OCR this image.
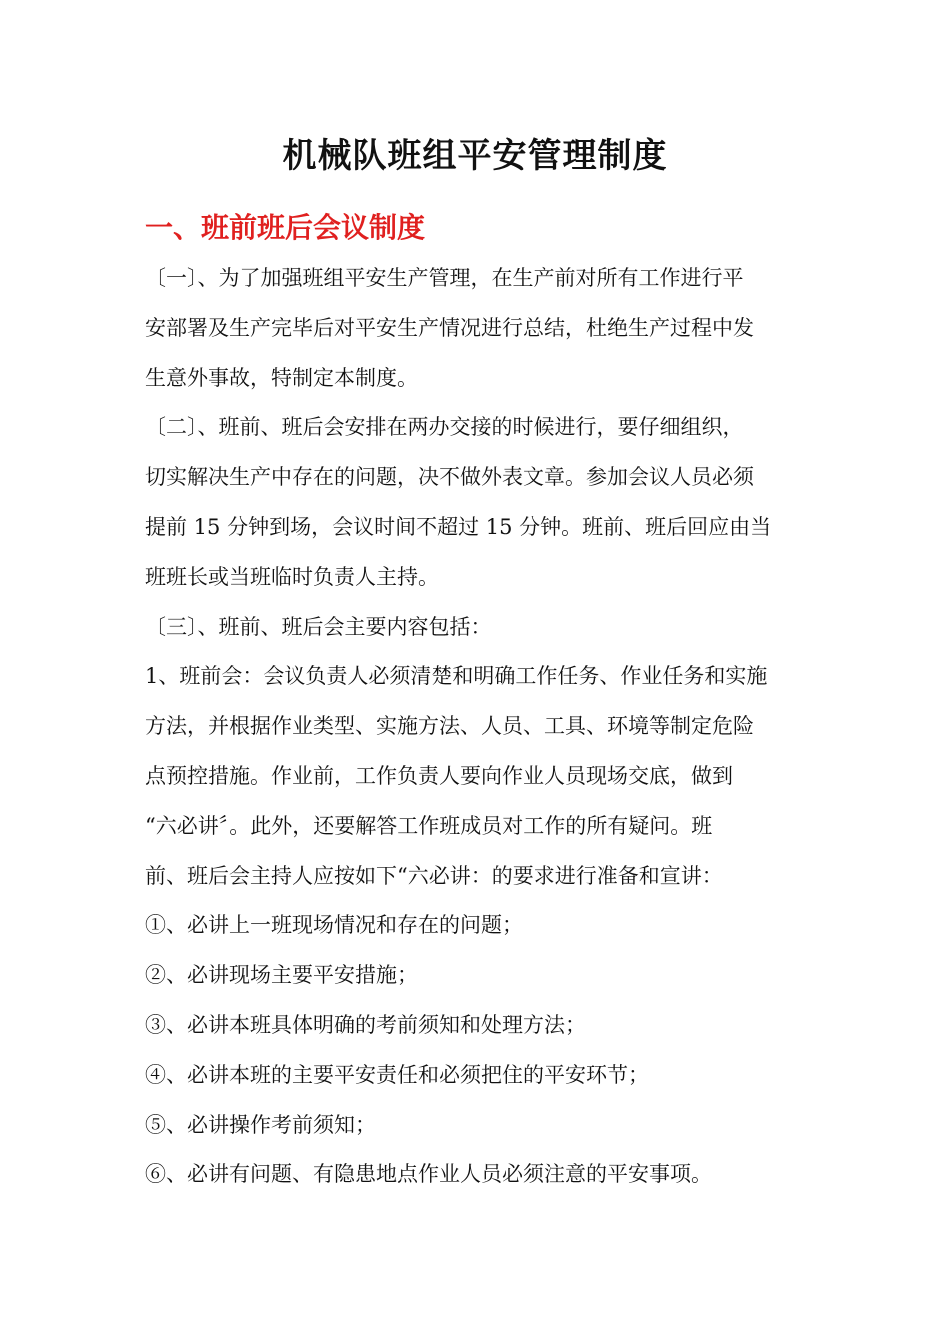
机械队班组平安管理制度
一、班前班后会议制度

〔一〕、为了加强班组平安生产管理，在生产前对所有工作进行平
安部署及生产完毕后对平安生产情况进行总结，杜绝生产过程中发
生意外事故，特制定本制度。

〔二〕、班前、班后会安排在两办交接的时候进行，要仔细组织，
切实解决生产中存在的问题，决不做外表文章。参加会议人员必须
提前 15 分钟到场，会议时间不超过 15 分钟。班前、班后回应由当
班班长或当班临时负责人主持。

〔三〕、班前、班后会主要内容包括：

1、班前会：会议负责人必须清楚和明确工作任务、作业任务和实施
方法，并根据作业类型、实施方法、人员、工具、环境等制定危险
点预控措施。作业前，工作负责人要向作业人员现场交底，做到
“六必讲〞。此外，还要解答工作班成员对工作的所有疑问。班
前、班后会主持人应按如下“六必讲：的要求进行准备和宣讲：

①、必讲上一班现场情况和存在的问题；

②、必讲现场主要平安措施；

③、必讲本班具体明确的考前须知和处理方法；

④、必讲本班的主要平安责任和必须把住的平安环节；

⑤、必讲操作考前须知；

⑥、必讲有问题、有隐患地点作业人员必须注意的平安事项。
